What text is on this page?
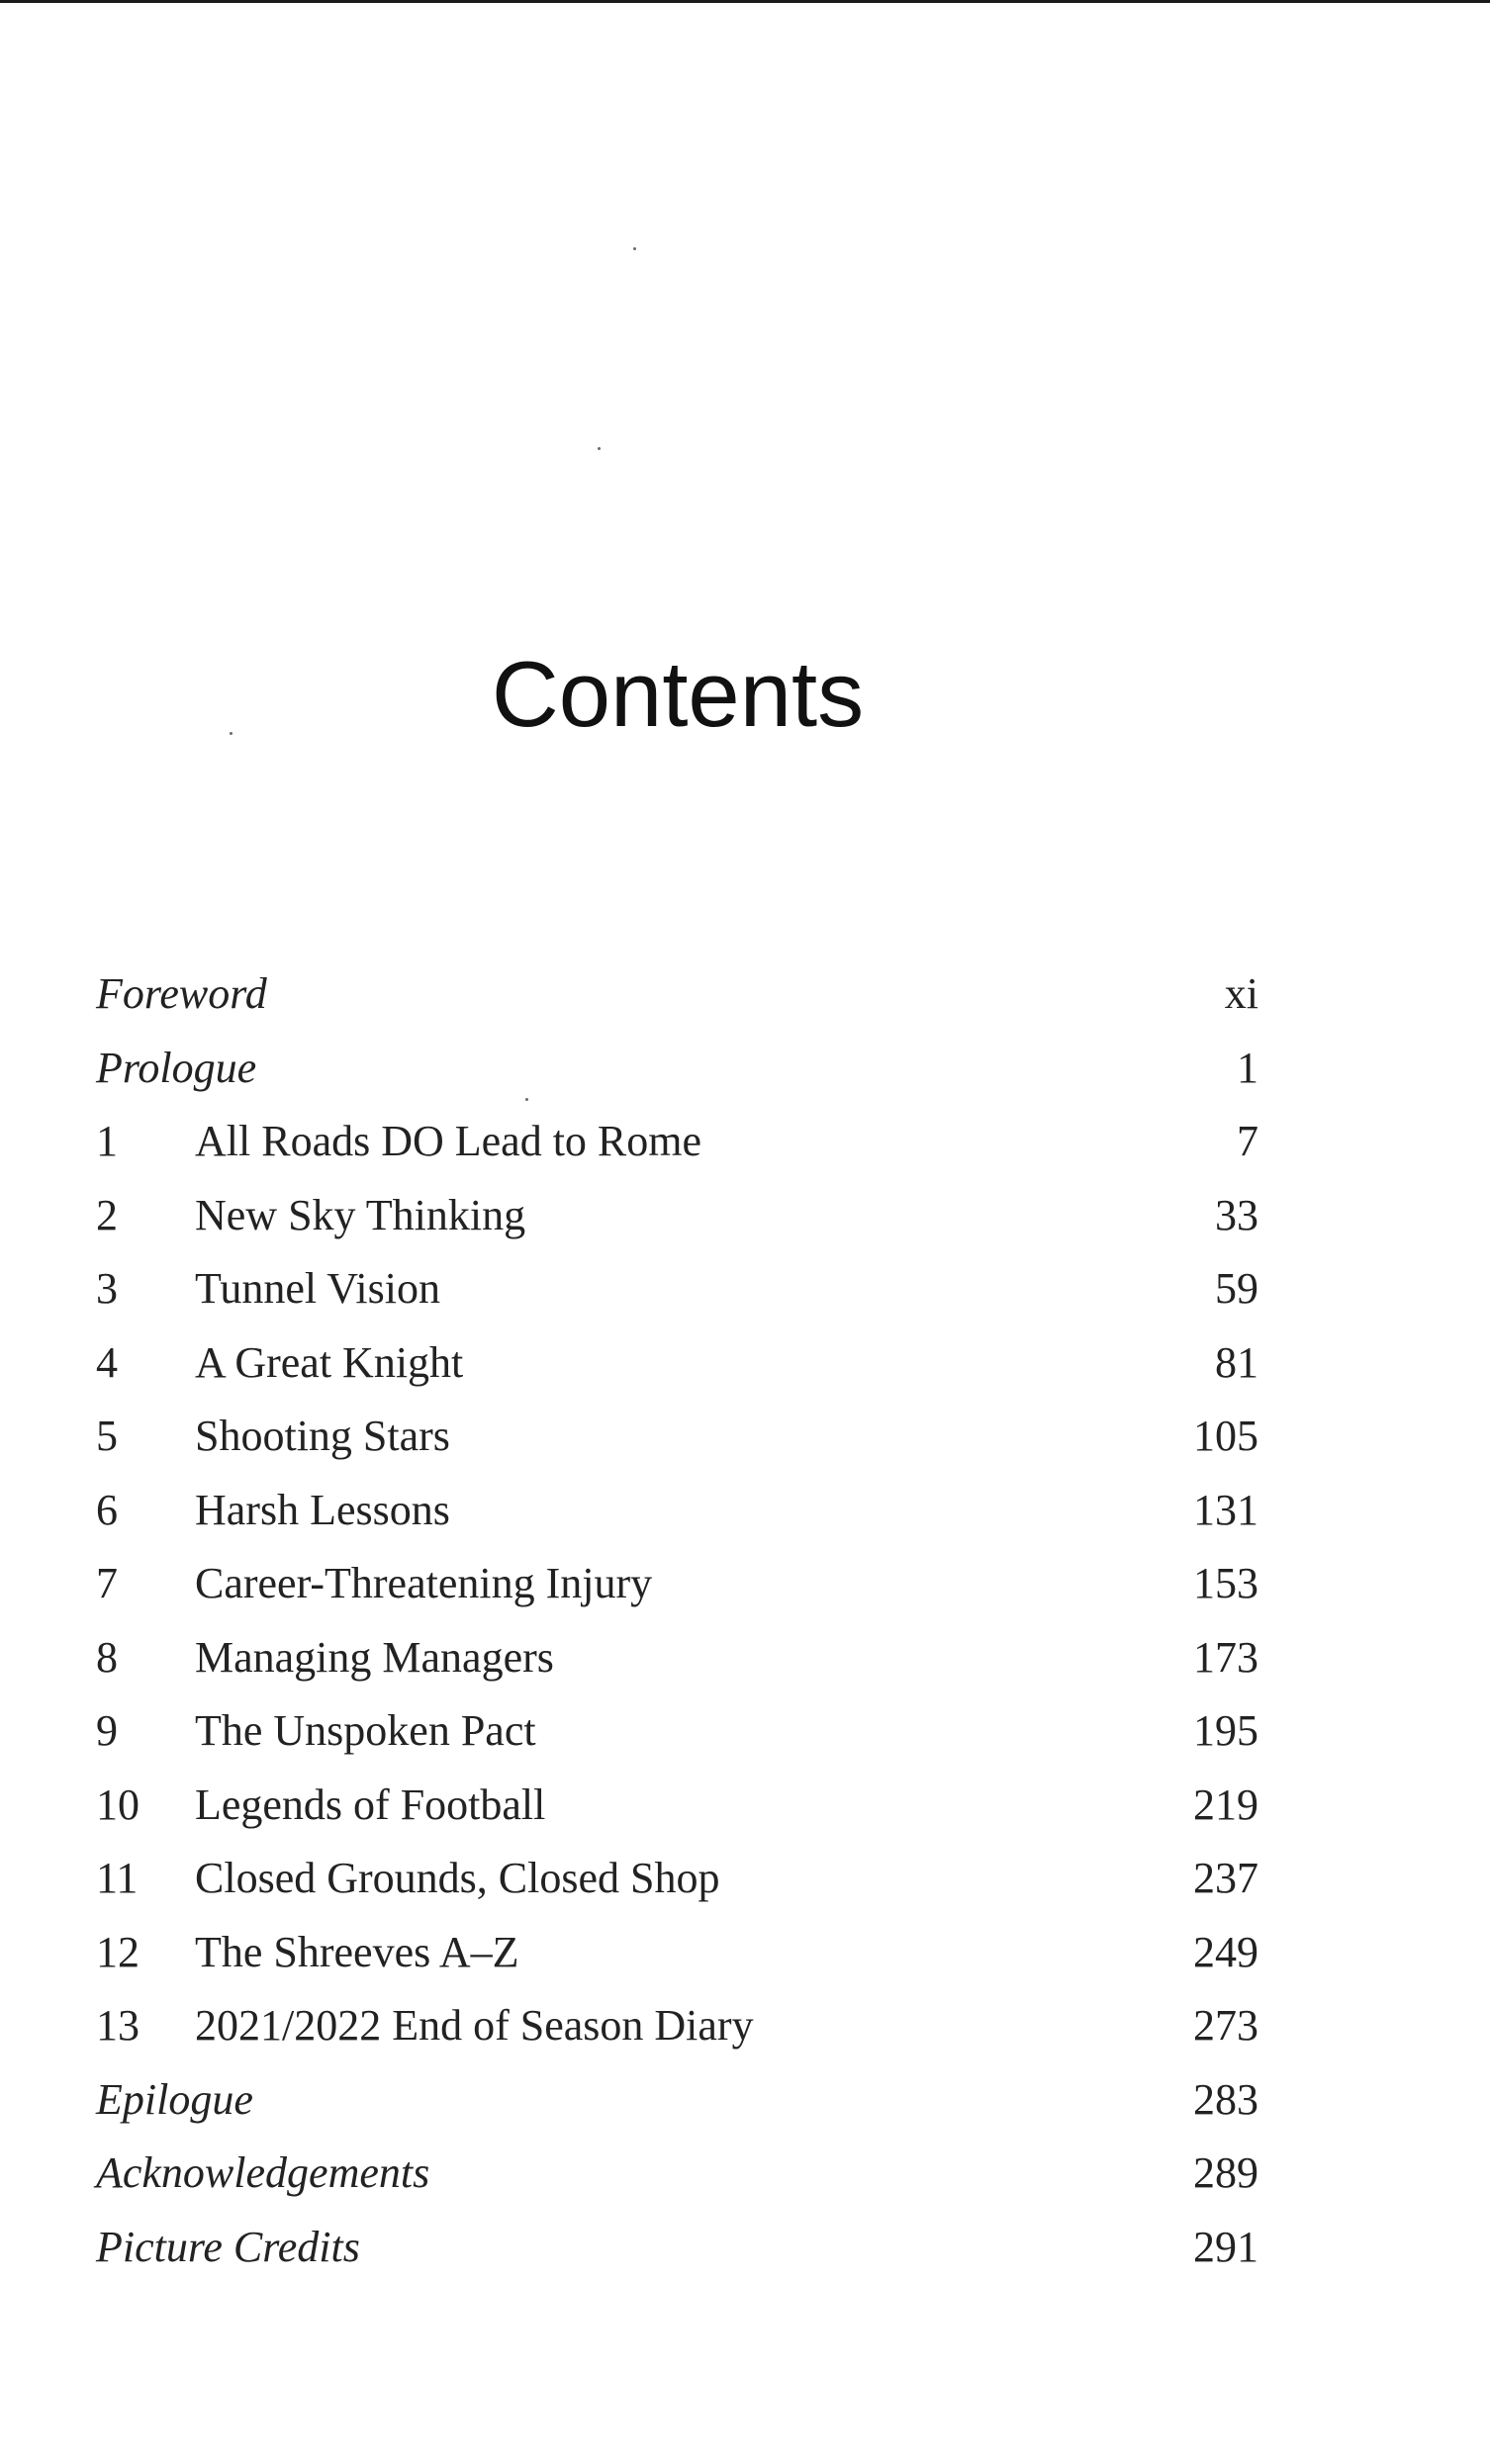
Contents
Foreword	xi
Prologue	1
1 All Roads DO Lead to Rome	7
2 New Sky Thinking	33
3 Tunnel Vision	59
4 A Great Knight	81
5 Shooting Stars	105
6 Harsh Lessons	131
7 Career-Threatening Injury	153
8 Managing Managers	173
9 The Unspoken Pact	195
10 Legends of Football	219
11 Closed Grounds, Closed Shop	237
12 The Shreeves A–Z	249
13 2021/2022 End of Season Diary	273
Epilogue	283
Acknowledgements	289
Picture Credits	291
